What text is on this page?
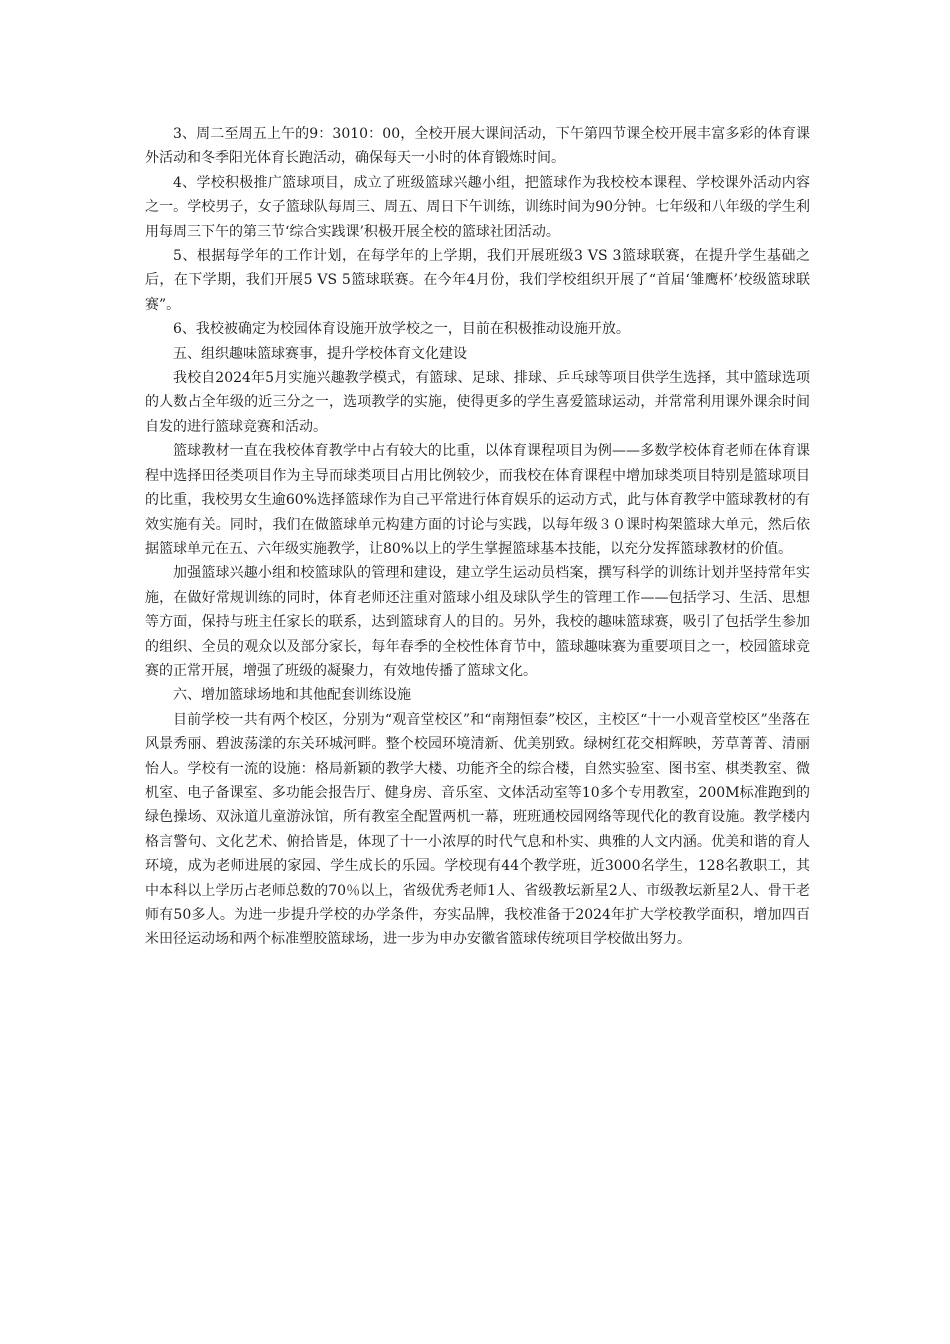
3、周二至周五上午的9：3010：00，全校开展大课间活动，下午第四节课全校开展丰富多彩的体育课外活动和冬季阳光体育长跑活动，确保每天一小时的体育锻炼时间。

4、学校积极推广篮球项目，成立了班级篮球兴趣小组，把篮球作为我校校本课程、学校课外活动内容之一。学校男子，女子篮球队每周三、周五、周日下午训练，训练时间为90分钟。七年级和八年级的学生利用每周三下午的第三节‘综合实践课’积极开展全校的篮球社团活动。

5、根据每学年的工作计划，在每学年的上学期，我们开展班级3 VS 3篮球联赛，在提升学生基础之后，在下学期，我们开展5 VS 5篮球联赛。在今年4月份，我们学校组织开展了“首届‘雏鹰杯’校级篮球联赛”。

6、我校被确定为校园体育设施开放学校之一，目前在积极推动设施开放。

五、组织趣味篮球赛事，提升学校体育文化建设

我校自2024年5月实施兴趣教学模式，有篮球、足球、排球、乒乓球等项目供学生选择，其中篮球选项的人数占全年级的近三分之一，选项教学的实施，使得更多的学生喜爱篮球运动，并常常利用课外课余时间自发的进行篮球竞赛和活动。

篮球教材一直在我校体育教学中占有较大的比重，以体育课程项目为例——多数学校体育老师在体育课程中选择田径类项目作为主导而球类项目占用比例较少，而我校在体育课程中增加球类项目特别是篮球项目的比重，我校男女生逾60%选择篮球作为自己平常进行体育娱乐的运动方式，此与体育教学中篮球教材的有效实施有关。同时，我们在做篮球单元构建方面的讨论与实践，以每年级３０课时构架篮球大单元，然后依据篮球单元在五、六年级实施教学，让80%以上的学生掌握篮球基本技能，以充分发挥篮球教材的价值。

加强篮球兴趣小组和校篮球队的管理和建设，建立学生运动员档案，撰写科学的训练计划并坚持常年实施，在做好常规训练的同时，体育老师还注重对篮球小组及球队学生的管理工作——包括学习、生活、思想等方面，保持与班主任家长的联系，达到篮球育人的目的。另外，我校的趣味篮球赛，吸引了包括学生参加的组织、全员的观众以及部分家长，每年春季的全校性体育节中，篮球趣味赛为重要项目之一，校园篮球竞赛的正常开展，增强了班级的凝聚力，有效地传播了篮球文化。

六、增加篮球场地和其他配套训练设施

目前学校一共有两个校区，分别为“观音堂校区”和“南翔恒泰”校区，主校区“十一小观音堂校区”坐落在风景秀丽、碧波荡漾的东关环城河畔。整个校园环境清新、优美别致。绿树红花交相辉映，芳草菁菁、清丽怡人。学校有一流的设施：格局新颖的教学大楼、功能齐全的综合楼，自然实验室、图书室、棋类教室、微机室、电子备课室、多功能会报告厅、健身房、音乐室、文体活动室等10多个专用教室，200M标准跑到的绿色操场、双泳道儿童游泳馆，所有教室全配置两机一幕，班班通校园网络等现代化的教育设施。教学楼内格言警句、文化艺术、俯拾皆是，体现了十一小浓厚的时代气息和朴实、典雅的人文内涵。优美和谐的育人环境，成为老师进展的家园、学生成长的乐园。学校现有44个教学班，近3000名学生，128名教职工，其中本科以上学历占老师总数的70％以上，省级优秀老师1人、省级教坛新星2人、市级教坛新星2人、骨干老师有50多人。为进一步提升学校的办学条件，夯实品牌，我校准备于2024年扩大学校教学面积，增加四百米田径运动场和两个标准塑胶篮球场，进一步为申办安徽省篮球传统项目学校做出努力。
